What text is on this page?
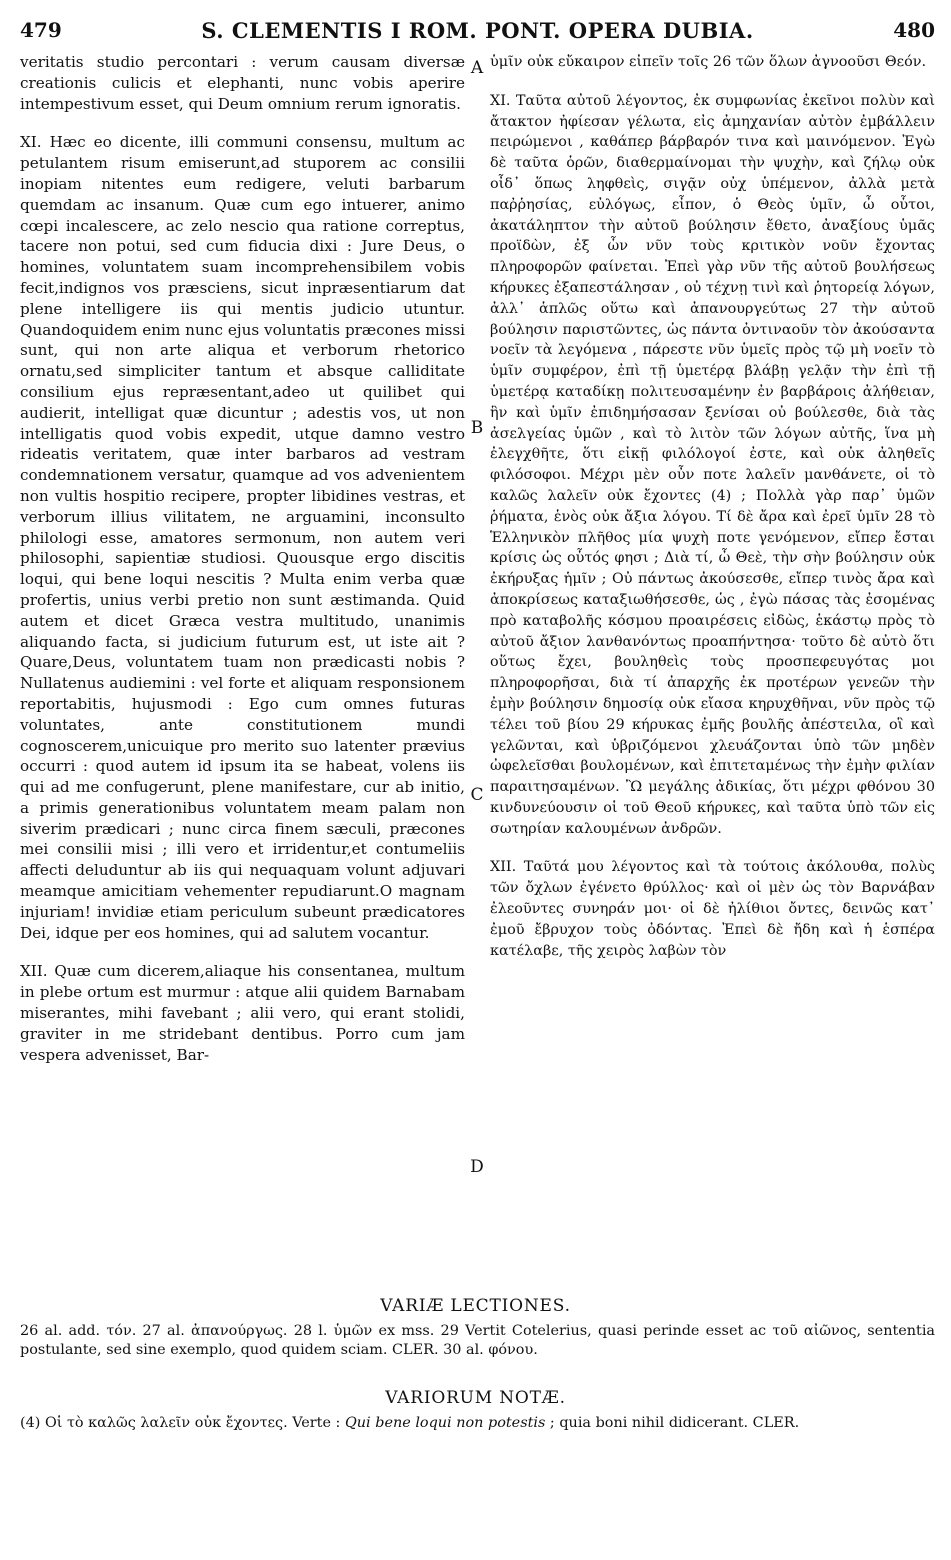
479	S. CLEMENTIS I ROM. PONT. OPERA DUBIA.	480

veritatis studio percontari : verum causam diversæ creationis culicis et elephanti, nunc vobis aperire intempestivum esset, qui Deum omnium rerum ignoratis.

XI. Hæc eo dicente, illi communi consensu, multum ac petulantem risum emiserunt,ad stuporem ac consilii inopiam nitentes eum redigere, veluti barbarum quemdam ac insanum. Quæ cum ego intuerer, animo cœpi incalescere, ac zelo nescio qua ratione correptus, tacere non potui, sed cum fiducia dixi : Jure Deus, o homines, voluntatem suam incomprehensibilem vobis fecit,indignos vos præsciens, sicut inpræsentiarum dat plene intelligere iis qui mentis judicio utuntur. Quandoquidem enim nunc ejus voluntatis præcones missi sunt, qui non arte aliqua et verborum rhetorico ornatu,sed simpliciter tantum et absque calliditate consilium ejus repræsentant,adeo ut quilibet qui audierit, intelligat quæ dicuntur ; adestis vos, ut non intelligatis quod vobis expedit, utque damno vestro rideatis veritatem, quæ inter barbaros ad vestram condemnationem versatur, quamque ad vos advenientem non vultis hospitio recipere, propter libidines vestras, et verborum illius vilitatem, ne arguamini, inconsulto philologi esse, amatores sermonum, non autem veri philosophi, sapientiæ studiosi. Quousque ergo discitis loqui, qui bene loqui nescitis ? Multa enim verba quæ profertis, unius verbi pretio non sunt æstimanda. Quid autem et dicet Græca vestra multitudo, unanimis aliquando facta, si judicium futurum est, ut iste ait ?Quare,Deus, voluntatem tuam non prædicasti nobis ? Nullatenus audiemini : vel forte et aliquam responsionem reportabitis, hujusmodi : Ego cum omnes futuras voluntates, ante constitutionem mundi cognoscerem,unicuique pro merito suo latenter prævius occurri : quod autem id ipsum ita se habeat, volens iis qui ad me confugerunt, plene manifestare, cur ab initio, a primis generationibus voluntatem meam palam non siverim prædicari ; nunc circa finem sæculi, præcones mei consilii misi ; illi vero et irridentur,et contumeliis affecti deluduntur ab iis qui nequaquam volunt adjuvari meamque amicitiam vehementer repudiarunt.O magnam injuriam! invidiæ etiam periculum subeunt prædicatores Dei, idque per eos homines, qui ad salutem vocantur.

XII. Quæ cum dicerem,aliaque his consentanea, multum in plebe ortum est murmur : atque alii quidem Barnabam miserantes, mihi favebant ; alii vero, qui erant stolidi, graviter in me stridebant dentibus. Porro cum jam vespera advenisset, Bar-

A
B
C
D

ὑμῖν οὐκ εὔκαιρον εἰπεῖν τοῖς 26 τῶν ὅλων ἀγνοοῦσι Θεόν.

XI. Ταῦτα αὐτοῦ λέγοντος, ἐκ συμφωνίας ἐκεῖνοι πολὺν καὶ ἄτακτον ἠφίεσαν γέλωτα, εἰς ἀμηχανίαν αὐτὸν ἐμβάλλειν πειρώμενοι , καθάπερ βάρβαρόν τινα καὶ μαινόμενον. Ἐγὼ δὲ ταῦτα ὁρῶν, διαθερμαίνομαι τὴν ψυχὴν, καὶ ζήλῳ οὐκ οἶδ᾽ ὅπως ληφθεὶς, σιγᾷν οὐχ ὑπέμενον, ἀλλὰ μετὰ παῤῥησίας, εὐλόγως, εἶπον, ὁ Θεὸς ὑμῖν, ὦ οὗτοι, ἀκατάληπτον τὴν αὐτοῦ βούλησιν ἔθετο, ἀναξίους ὑμᾶς προϊδὼν, ἐξ ὧν νῦν τοὺς κριτικὸν νοῦν ἔχοντας πληροφορῶν φαίνεται. Ἐπεὶ γὰρ νῦν τῆς αὐτοῦ βουλήσεως κήρυκες ἐξαπεστάλησαν , οὐ τέχνῃ τινὶ καὶ ῥητορείᾳ λόγων, ἀλλ᾽ ἁπλῶς οὕτω καὶ ἀπανουργεύτως 27 τὴν αὐτοῦ βούλησιν παριστῶντες, ὡς πάντα ὀντιναοῦν τὸν ἀκούσαντα νοεῖν τὰ λεγόμενα , πάρεστε νῦν ὑμεῖς πρὸς τῷ μὴ νοεῖν τὸ ὑμῖν συμφέρον, ἐπὶ τῇ ὑμετέρᾳ βλάβῃ γελᾷν τὴν ἐπὶ τῇ ὑμετέρᾳ καταδίκῃ πολιτευσαμένην ἐν βαρβάροις ἀλήθειαν, ἣν καὶ ὑμῖν ἐπιδημήσασαν ξενίσαι οὐ βούλεσθε, διὰ τὰς ἀσελγείας ὑμῶν , καὶ τὸ λιτὸν τῶν λόγων αὐτῆς, ἵνα μὴ ἐλεγχθῆτε, ὅτι εἰκῇ φιλόλογοί ἐστε, καὶ οὐκ ἀληθεῖς φιλόσοφοι. Μέχρι μὲν οὖν ποτε λαλεῖν μανθάνετε, οἱ τὸ καλῶς λαλεῖν οὐκ ἔχοντες (4) ; Πολλὰ γὰρ παρ᾽ ὑμῶν ῥήματα, ἑνὸς οὐκ ἄξια λόγου. Τί δὲ ἄρα καὶ ἐρεῖ ὑμῖν 28 τὸ Ἑλληνικὸν πλῆθος μία ψυχὴ ποτε γενόμενον, εἴπερ ἔσται κρίσις ὡς οὗτός φησι ; Διὰ τί, ὦ Θεὲ, τὴν σὴν βούλησιν οὐκ ἐκήρυξας ἡμῖν ; Οὐ πάντως ἀκούσεσθε, εἴπερ τινὸς ἄρα καὶ ἀποκρίσεως καταξιωθήσεσθε, ὡς , ἐγὼ πάσας τὰς ἐσομένας πρὸ καταβολῆς κόσμου προαιρέσεις εἰδὼς, ἑκάστῳ πρὸς τὸ αὐτοῦ ἄξιον λανθανόντως προαπήντησα· τοῦτο δὲ αὐτὸ ὅτι οὕτως ἔχει, βουληθεὶς τοὺς προσπεφευγότας μοι πληροφορῆσαι, διὰ τί ἀπαρχῆς ἐκ προτέρων γενεῶν τὴν ἐμὴν βούλησιν δημοσίᾳ οὐκ εἴασα κηρυχθῆναι, νῦν πρὸς τῷ τέλει τοῦ βίου 29 κήρυκας ἐμῆς βουλῆς ἀπέστειλα, οἳ καὶ γελῶνται, καὶ ὑβριζόμενοι χλευάζονται ὑπὸ τῶν μηδὲν ὠφελεῖσθαι βουλομένων, καὶ ἐπιτεταμένως τὴν ἐμὴν φιλίαν παραιτησαμένων. Ὢ μεγάλης ἀδικίας, ὅτι μέχρι φθόνου 30 κινδυνεύουσιν οἱ τοῦ Θεοῦ κήρυκες, καὶ ταῦτα ὑπὸ τῶν εἰς σωτηρίαν καλουμένων ἀνδρῶν.

XII. Ταῦτά μου λέγοντος καὶ τὰ τούτοις ἀκόλουθα, πολὺς τῶν ὄχλων ἐγένετο θρύλλος· καὶ οἱ μὲν ὡς τὸν Βαρνάβαν ἐλεοῦντες συνηράν μοι· οἱ δὲ ἠλίθιοι ὄντες, δεινῶς κατ᾽ ἐμοῦ ἔβρυχον τοὺς ὀδόντας. Ἐπεὶ δὲ ἤδη καὶ ἡ ἑσπέρα κατέλαβε, τῆς χειρὸς λαβὼν τὸν

VARIÆ LECTIONES.

26 al. add. τόν. 27 al. ἀπανούργως. 28 l. ὑμῶν ex mss. 29 Vertit Cotelerius, quasi perinde esset ac τοῦ αἰῶνος, sententia postulante, sed sine exemplo, quod quidem sciam. CLER. 30 al. φόνου.

VARIORUM NOTÆ.

(4) Οἱ τὸ καλῶς λαλεῖν οὐκ ἔχοντες. Verte : Qui bene loqui non potestis ; quia boni nihil didicerant. CLER.
